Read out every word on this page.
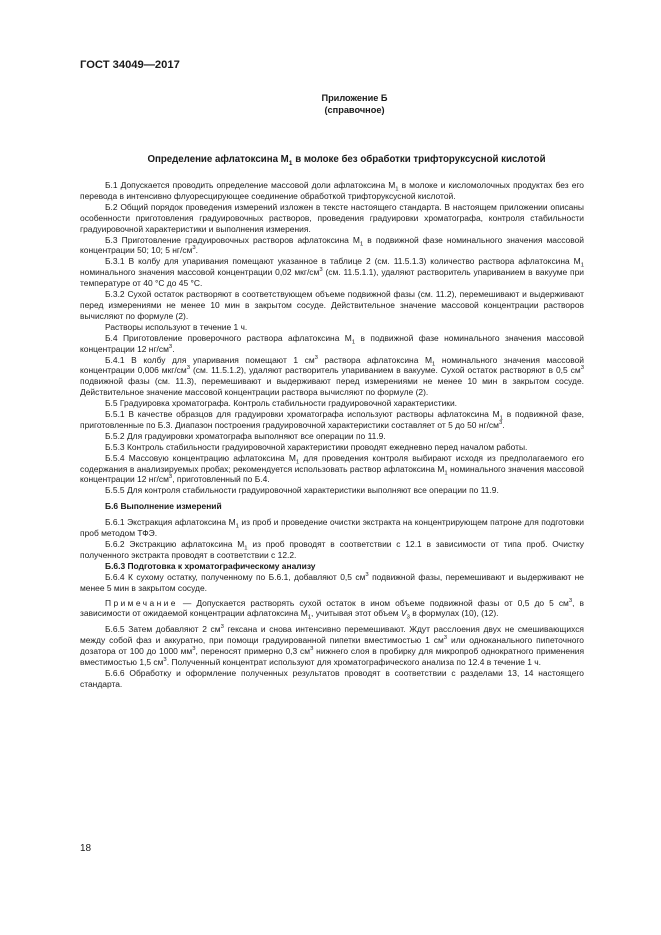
ГОСТ 34049—2017
Приложение Б
(справочное)
Определение афлатоксина $М_1$ в молоке без обработки трифторуксусной кислотой

Б.1 Допускается проводить определение массовой доли афлатоксина $М_1$ в молоке и кисломолочных продуктах без его перевода в интенсивно флуоресцирующее соединение обработкой трифторуксусной кислотой.

Б.2 Общий порядок проведения измерений изложен в тексте настоящего стандарта. В настоящем приложении описаны особенности приготовления градуировочных растворов, проведения градуировки хроматографа, контроля стабильности градуировочной характеристики и выполнения измерения.

Б.3 Приготовление градуировочных растворов афлатоксина $М_1$ в подвижной фазе номинального значения массовой концентрации 50; 10; 5 $нг/см^3$.

Б.3.1 В колбу для упаривания помещают указанное в таблице 2 (см. 11.5.1.3) количество раствора афлатоксина $М_1$ номинального значения массовой концентрации 0,02 мкг/$см^3$ (см. 11.5.1.1), удаляют растворитель упариванием в вакууме при температуре от 40 °С до 45 °С.

Б.3.2 Сухой остаток растворяют в соответствующем объеме подвижной фазы (см. 11.2), перемешивают и выдерживают перед измерениями не менее 10 мин в закрытом сосуде. Действительное значение массовой концентрации растворов вычисляют по формуле (2).

Растворы используют в течение 1 ч.

Б.4 Приготовление проверочного раствора афлатоксина $М_1$ в подвижной фазе номинального значения массовой концентрации 12 $нг/см^3$.

Б.4.1 В колбу для упаривания помещают 1 $см^3$ раствора афлатоксина $М_1$ номинального значения массовой концентрации 0,006 мкг/$см^3$ (см. 11.5.1.2), удаляют растворитель упариванием в вакууме. Сухой остаток растворяют в 0,5 $см^3$ подвижной фазы (см. 11.3), перемешивают и выдерживают перед измерениями не менее 10 мин в закрытом сосуде. Действительное значение массовой концентрации раствора вычисляют по формуле (2).

Б.5 Градуировка хроматографа. Контроль стабильности градуировочной характеристики.

Б.5.1 В качестве образцов для градуировки хроматографа используют растворы афлатоксина $М_1$ в подвижной фазе, приготовленные по Б.3. Диапазон построения градуировочной характеристики составляет от 5 до 50 $нг/см^3$.

Б.5.2 Для градуировки хроматографа выполняют все операции по 11.9.

Б.5.3 Контроль стабильности градуировочной характеристики проводят ежедневно перед началом работы.

Б.5.4 Массовую концентрацию афлатоксина $М_1$ для проведения контроля выбирают исходя из предполагаемого его содержания в анализируемых пробах; рекомендуется использовать раствор афлатоксина $М_1$ номинального значения массовой концентрации 12 $нг/см^3$, приготовленный по Б.4.

Б.5.5 Для контроля стабильности градуировочной характеристики выполняют все операции по 11.9.

Б.6 Выполнение измерений

Б.6.1 Экстракция афлатоксина $М_1$ из проб и проведение очистки экстракта на концентрирующем патроне для подготовки проб методом ТФЭ.

Б.6.2 Экстракцию афлатоксина $М_1$ из проб проводят в соответствии с 12.1 в зависимости от типа проб. Очистку полученного экстракта проводят в соответствии с 12.2.

Б.6.3 Подготовка к хроматографическому анализу

Б.6.4 К сухому остатку, полученному по Б.6.1, добавляют 0,5 $см^3$ подвижной фазы, перемешивают и выдерживают не менее 5 мин в закрытом сосуде.

Примечание — Допускается растворять сухой остаток в ином объеме подвижной фазы от 0,5 до 5 $см^3$, в зависимости от ожидаемой концентрации афлатоксина $М_1$, учитывая этот объем $V_3$ в формулах (10), (12).

Б.6.5 Затем добавляют 2 $см^3$ гексана и снова интенсивно перемешивают. Ждут расслоения двух не смешивающихся между собой фаз и аккуратно, при помощи градуированной пипетки вместимостью 1 $см^3$ или одноканального пипеточного дозатора от 100 до 1000 $мм^3$, переносят примерно 0,3 $см^3$ нижнего слоя в пробирку для микропроб однократного применения вместимостью 1,5 $см^3$. Полученный концентрат используют для хроматографического анализа по 12.4 в течение 1 ч.

Б.6.6 Обработку и оформление полученных результатов проводят в соответствии с разделами 13, 14 настоящего стандарта.

18
